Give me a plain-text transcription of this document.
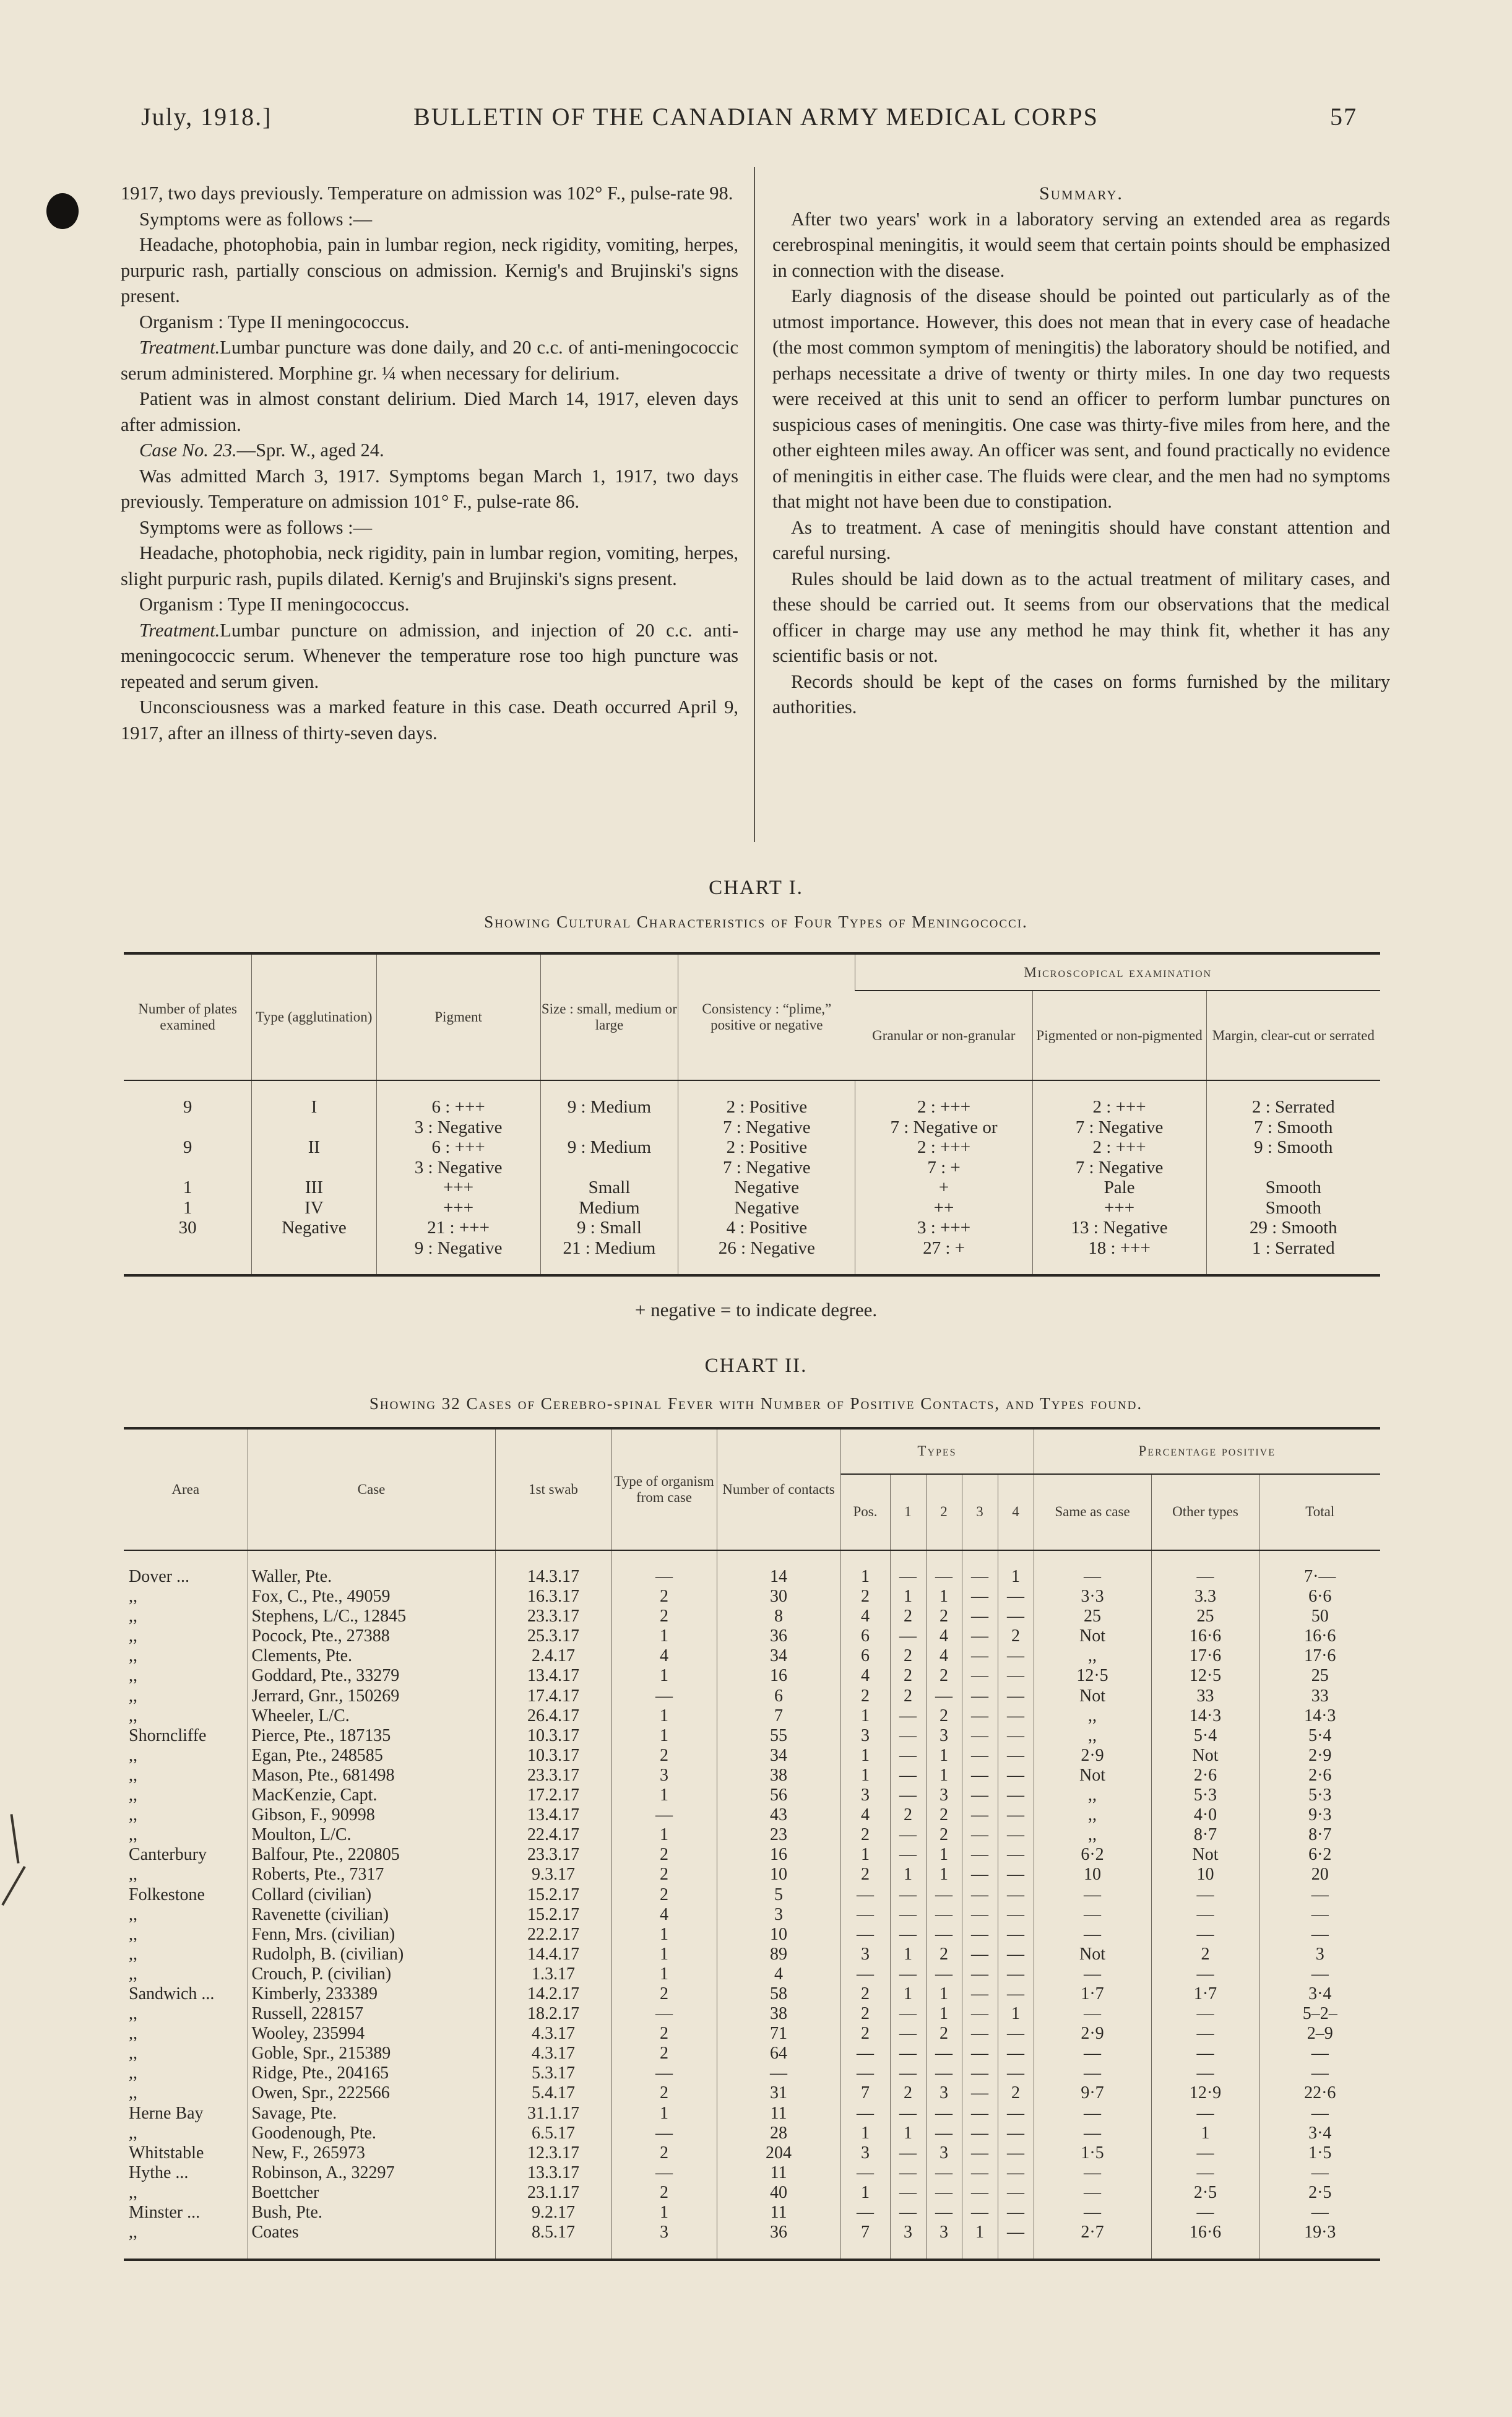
July, 1918.]	BULLETIN OF THE CANADIAN ARMY MEDICAL CORPS	57

1917, two days previously. Temperature on admission was 102° F., pulse-rate 98.

Symptoms were as follows :—

Headache, photophobia, pain in lumbar region, neck rigidity, vomiting, herpes, purpuric rash, partially conscious on admission. Kernig's and Brujinski's signs present.

Organism : Type II meningococcus.

Treatment.Lumbar puncture was done daily, and 20 c.c. of anti-meningococcic serum administered. Morphine gr. ¼ when necessary for delirium.

Patient was in almost constant delirium. Died March 14, 1917, eleven days after admission.

Case No. 23.—Spr. W., aged 24.

Was admitted March 3, 1917. Symptoms began March 1, 1917, two days previously. Temperature on admission 101° F., pulse-rate 86.

Symptoms were as follows :—

Headache, photophobia, neck rigidity, pain in lumbar region, vomiting, herpes, slight purpuric rash, pupils dilated. Kernig's and Brujinski's signs present.

Organism : Type II meningococcus.

Treatment.Lumbar puncture on admission, and injection of 20 c.c. anti-meningococcic serum. Whenever the temperature rose too high puncture was repeated and serum given.

Unconsciousness was a marked feature in this case. Death occurred April 9, 1917, after an illness of thirty-seven days.

Summary.

After two years' work in a laboratory serving an extended area as regards cerebrospinal meningitis, it would seem that certain points should be emphasized in connection with the disease.

Early diagnosis of the disease should be pointed out particularly as of the utmost importance. However, this does not mean that in every case of headache (the most common symptom of meningitis) the laboratory should be notified, and perhaps necessitate a drive of twenty or thirty miles. In one day two requests were received at this unit to send an officer to perform lumbar punctures on suspicious cases of meningitis. One case was thirty-five miles from here, and the other eighteen miles away. An officer was sent, and found practically no evidence of meningitis in either case. The fluids were clear, and the men had no symptoms that might not have been due to constipation.

As to treatment. A case of meningitis should have constant attention and careful nursing.

Rules should be laid down as to the actual treatment of military cases, and these should be carried out. It seems from our observations that the medical officer in charge may use any method he may think fit, whether it has any scientific basis or not.

Records should be kept of the cases on forms furnished by the military authorities.

CHART I.
Showing Cultural Characteristics of Four Types of Meningococci.
Number of plates examined	Type (agglutination)	Pigment	Size : small, medium or large	Consistency : “plime,” positive or negative	Microscopical examination		
					Granular or non-granular	Pigmented or non-pigmented	Margin, clear-cut or serrated

9	I	6 : +++	9 : Medium	2 : Positive	2 : +++	2 : +++	2 : Serrated
		3 : Negative		7 : Negative	7 : Negative or	7 : Negative	7 : Smooth
9	II	6 : +++	9 : Medium	2 : Positive	2 : +++	2 : +++	9 : Smooth
		3 : Negative		7 : Negative	7 : +	7 : Negative	
1	III	+++	Small	Negative	+	Pale	Smooth
1	IV	+++	Medium	Negative	++	+++	Smooth
30	Negative	21 : +++	9 : Small	4 : Positive	3 : +++	13 : Negative	29 : Smooth
		9 : Negative	21 : Medium	26 : Negative	27 : +	18 : +++	1 : Serrated

+ negative = to indicate degree.
CHART II.
Showing 32 Cases of Cerebro-spinal Fever with Number of Positive Contacts, and Types found.
Area	Case	1st swab	Type of organism from case	Number of contacts	Types					Percentage positive		
					Pos.	1	2	3	4	Same as case	Other types	Total

Dover ...	Waller, Pte.	14.3.17	—	14	1	—	—	—	1	—	—	7·—
,,	Fox, C., Pte., 49059	16.3.17	2	30	2	1	1	—	—	3·3	3.3	6·6
,,	Stephens, L/C., 12845	23.3.17	2	8	4	2	2	—	—	25	25	50
,,	Pocock, Pte., 27388	25.3.17	1	36	6	—	4	—	2	Not	16·6	16·6
,,	Clements, Pte.	2.4.17	4	34	6	2	4	—	—	,,	17·6	17·6
,,	Goddard, Pte., 33279	13.4.17	1	16	4	2	2	—	—	12·5	12·5	25
,,	Jerrard, Gnr., 150269	17.4.17	—	6	2	2	—	—	—	Not	33	33
,,	Wheeler, L/C.	26.4.17	1	7	1	—	2	—	—	,,	14·3	14·3
Shorncliffe	Pierce, Pte., 187135	10.3.17	1	55	3	—	3	—	—	,,	5·4	5·4
,,	Egan, Pte., 248585	10.3.17	2	34	1	—	1	—	—	2·9	Not	2·9
,,	Mason, Pte., 681498	23.3.17	3	38	1	—	1	—	—	Not	2·6	2·6
,,	MacKenzie, Capt.	17.2.17	1	56	3	—	3	—	—	,,	5·3	5·3
,,	Gibson, F., 90998	13.4.17	—	43	4	2	2	—	—	,,	4·0	9·3
,,	Moulton, L/C.	22.4.17	1	23	2	—	2	—	—	,,	8·7	8·7
Canterbury	Balfour, Pte., 220805	23.3.17	2	16	1	—	1	—	—	6·2	Not	6·2
,,	Roberts, Pte., 7317	9.3.17	2	10	2	1	1	—	—	10	10	20
Folkestone	Collard (civilian)	15.2.17	2	5	—	—	—	—	—	—	—	—
,,	Ravenette (civilian)	15.2.17	4	3	—	—	—	—	—	—	—	—
,,	Fenn, Mrs. (civilian)	22.2.17	1	10	—	—	—	—	—	—	—	—
,,	Rudolph, B. (civilian)	14.4.17	1	89	3	1	2	—	—	Not	2	3
,,	Crouch, P. (civilian)	1.3.17	1	4	—	—	—	—	—	—	—	—
Sandwich ...	Kimberly, 233389	14.2.17	2	58	2	1	1	—	—	1·7	1·7	3·4
,,	Russell, 228157	18.2.17	—	38	2	—	1	—	1	—	—	5–2–
,,	Wooley, 235994	4.3.17	2	71	2	—	2	—	—	2·9	—	2–9
,,	Goble, Spr., 215389	4.3.17	2	64	—	—	—	—	—	—	—	—
,,	Ridge, Pte., 204165	5.3.17	—	—	—	—	—	—	—	—	—	—
,,	Owen, Spr., 222566	5.4.17	2	31	7	2	3	—	2	9·7	12·9	22·6
Herne Bay	Savage, Pte.	31.1.17	1	11	—	—	—	—	—	—	—	—
,,	Goodenough, Pte.	6.5.17	—	28	1	1	—	—	—	—	1	3·4
Whitstable	New, F., 265973	12.3.17	2	204	3	—	3	—	—	1·5	—	1·5
Hythe ...	Robinson, A., 32297	13.3.17	—	11	—	—	—	—	—	—	—	—
,,	Boettcher	23.1.17	2	40	1	—	—	—	—	—	2·5	2·5
Minster ...	Bush, Pte.	9.2.17	1	11	—	—	—	—	—	—	—	—
,,	Coates	8.5.17	3	36	7	3	3	1	—	2·7	16·6	19·3
